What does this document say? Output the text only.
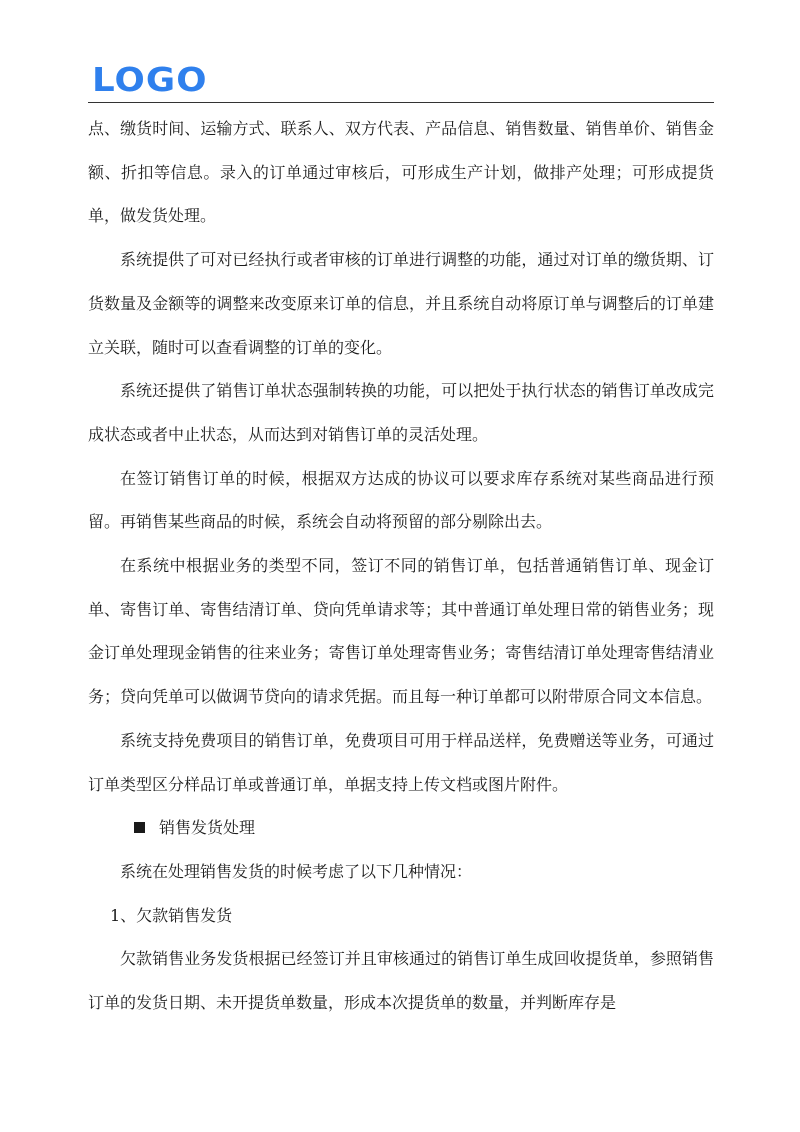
LOGO

点、缴货时间、运输方式、联系人、双方代表、产品信息、销售数量、销售单价、销售金额、折扣等信息。录入的订单通过审核后，可形成生产计划，做排产处理；可形成提货单，做发货处理。

系统提供了可对已经执行或者审核的订单进行调整的功能，通过对订单的缴货期、订货数量及金额等的调整来改变原来订单的信息，并且系统自动将原订单与调整后的订单建立关联，随时可以查看调整的订单的变化。

系统还提供了销售订单状态强制转换的功能，可以把处于执行状态的销售订单改成完成状态或者中止状态，从而达到对销售订单的灵活处理。

在签订销售订单的时候，根据双方达成的协议可以要求库存系统对某些商品进行预留。再销售某些商品的时候，系统会自动将预留的部分剔除出去。

在系统中根据业务的类型不同，签订不同的销售订单，包括普通销售订单、现金订单、寄售订单、寄售结清订单、贷向凭单请求等；其中普通订单处理日常的销售业务；现金订单处理现金销售的往来业务；寄售订单处理寄售业务；寄售结清订单处理寄售结清业务；贷向凭单可以做调节贷向的请求凭据。而且每一种订单都可以附带原合同文本信息。

系统支持免费项目的销售订单，免费项目可用于样品送样，免费赠送等业务，可通过订单类型区分样品订单或普通订单，单据支持上传文档或图片附件。

销售发货处理

系统在处理销售发货的时候考虑了以下几种情况：

1、欠款销售发货

欠款销售业务发货根据已经签订并且审核通过的销售订单生成回收提货单，参照销售订单的发货日期、未开提货单数量，形成本次提货单的数量，并判断库存是
